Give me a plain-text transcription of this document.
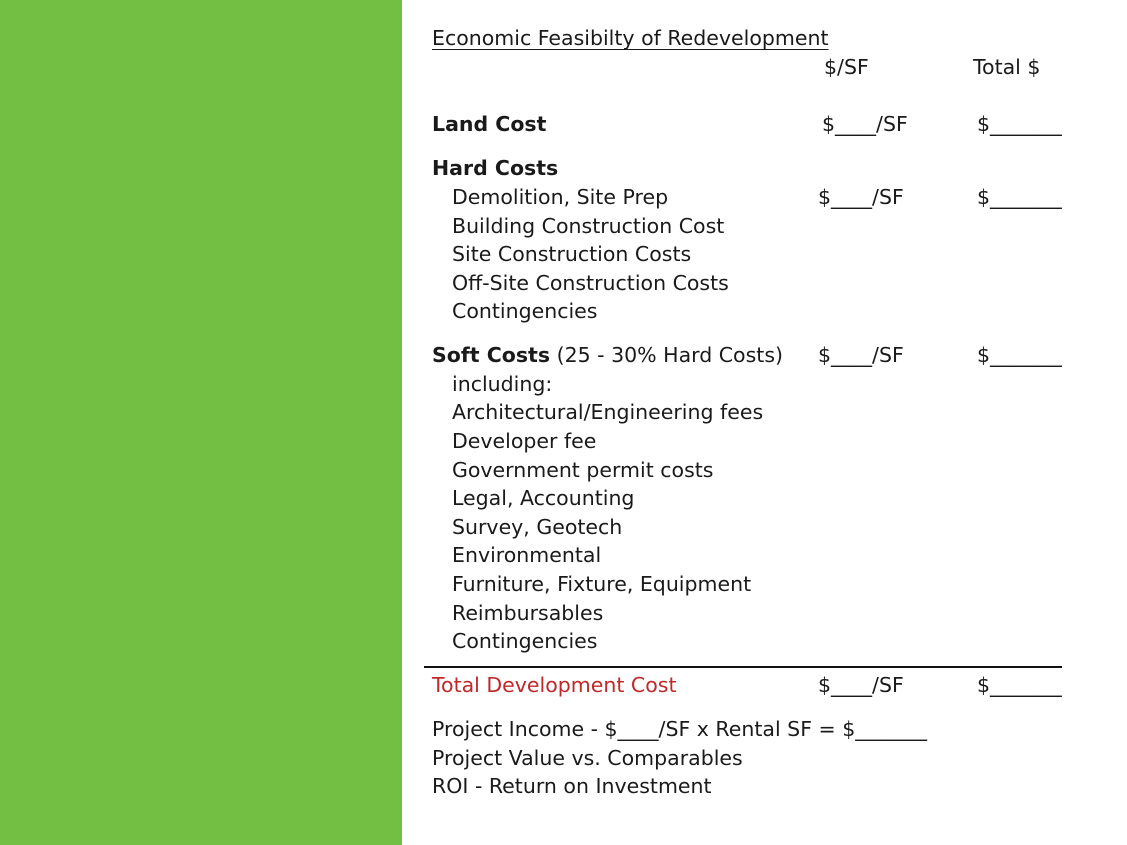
Economic Feasibilty of Redevelopment
$/SF	Total $
Land Cost	$____/SF	$_______
Hard Costs
Demolition, Site Prep	$____/SF	$_______
Building Construction Cost
Site Construction Costs
Off-Site Construction Costs
Contingencies
Soft Costs (25 - 30% Hard Costs) $____/SF	$_______
including:
Architectural/Engineering fees
Developer fee
Government permit costs
Legal, Accounting
Survey, Geotech
Environmental
Furniture, Fixture, Equipment
Reimbursables
Contingencies
Total Development Cost	$____/SF	$_______
Project Income - $____/SF x Rental SF = $_______
Project Value vs. Comparables
ROI - Return on Investment
